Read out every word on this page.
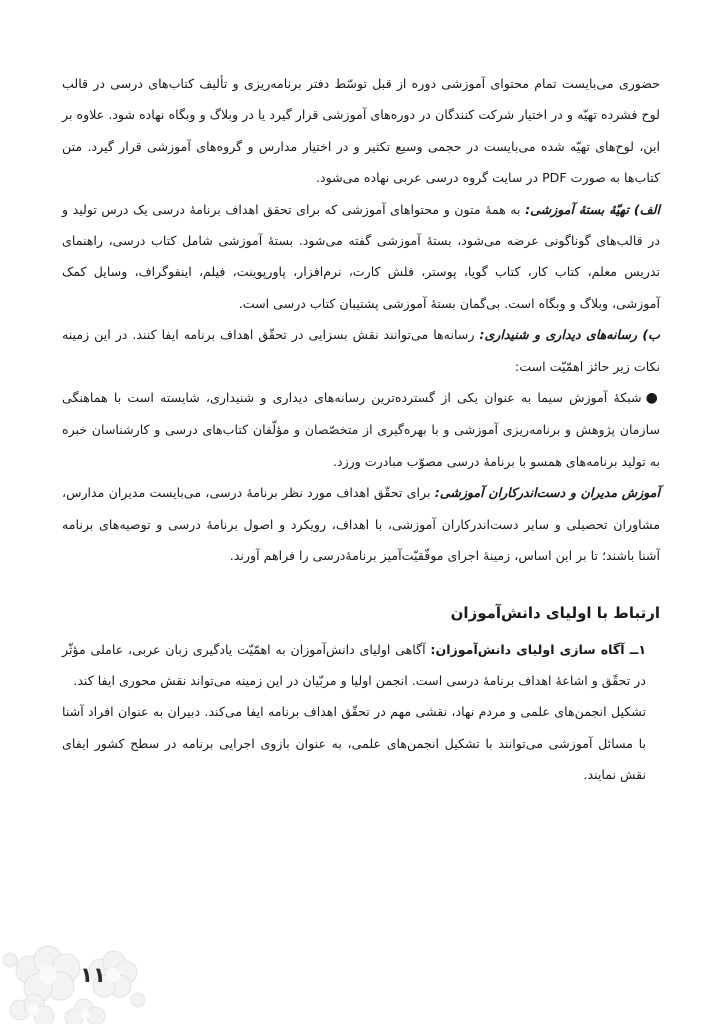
حضوری می‌بایست تمام محتوای آموزشی دوره از قبل توسّط دفتر برنامه‌ریزی و تألیف کتاب‌های درسی در قالب لوح فشرده تهیّه و در اختیار شرکت کنندگان در دوره‌های آموزشی قرار گیرد یا در وبلاگ و وبگاه نهاده شود. علاوه بر این، لوح‌های تهیّه شده می‌بایست در حجمی وسیع تکثیر و در اختیار مدارس و گروه‌های آموزشی قرار گیرد. متن کتاب‌ها به صورت PDF در سایت گروه درسی عربی نهاده می‌شود.

الف) تهیّهٔ بستهٔ آموزشی: به همهٔ متون و محتواهای آموزشی که برای تحقق اهداف برنامهٔ درسی یک درس تولید و در قالب‌های گوناگونی عرضه می‌شود، بستهٔ آموزشی گفته می‌شود. بستهٔ آموزشی شامل کتاب درسی، راهنمای تدریس معلم، کتاب کار، کتاب گویا، پوستر، فلش کارت، نرم‌افزار، پاورپوینت، فیلم، اینفوگراف، وسایل کمک آموزشی، وبلاگ و وبگاه است. بی‌گمان بستهٔ آموزشی پشتیبان کتاب درسی است.

ب) رسانه‌های دیداری و شنیداری: رسانه‌ها می‌توانند نقش بسزایی در تحقّق اهداف برنامه ایفا کنند. در این زمینه نکات زیر حائز اهمّیّت است:

●شبکهٔ آموزش سیما به عنوان یکی از گسترده‌ترین رسانه‌های دیداری و شنیداری، شایسته است با هماهنگی سازمان پژوهش و برنامه‌ریزی آموزشی و با بهره‌گیری از متخصّصان و مؤلّفان کتاب‌های درسی و کارشناسان خبره به تولید برنامه‌های همسو با برنامهٔ درسی مصوّب مبادرت ورزد.

آموزش مدیران و دست‌اندرکاران آموزشی: برای تحقّق اهداف مورد نظر برنامهٔ درسی، می‌بایست مدیران مدارس، مشاوران تحصیلی و سایر دست‌اندرکاران آموزشی، با اهداف، رویکرد و اصول برنامهٔ درسی و توصیه‌های برنامه آشنا باشند؛ تا بر این اساس، زمینهٔ اجرای موفّقیّت‌آمیز برنامهٔ‌درسی را فراهم آورند.

ارتباط با اولیای دانش‌آموزان

١ــ آگاه سازی اولیای دانش‌آموزان: آگاهی اولیای دانش‌آموزان به اهمّیّت یادگیری زبان عربی، عاملی مؤثّر در تحقّق و اشاعهٔ اهداف برنامهٔ درسی است. انجمن اولیا و مربّیان در این زمینه می‌تواند نقش محوری ایفا کند.

تشکیل انجمن‌های علمی و مردم نهاد، نقشی مهم در تحقّق اهداف برنامه ایفا می‌کند. دبیران به عنوان افراد آشنا با مسائل آموزشی می‌توانند با تشکیل انجمن‌های علمی، به عنوان بازوی اجرایی برنامه در سطح کشور ایفای نقش نمایند.

١١
